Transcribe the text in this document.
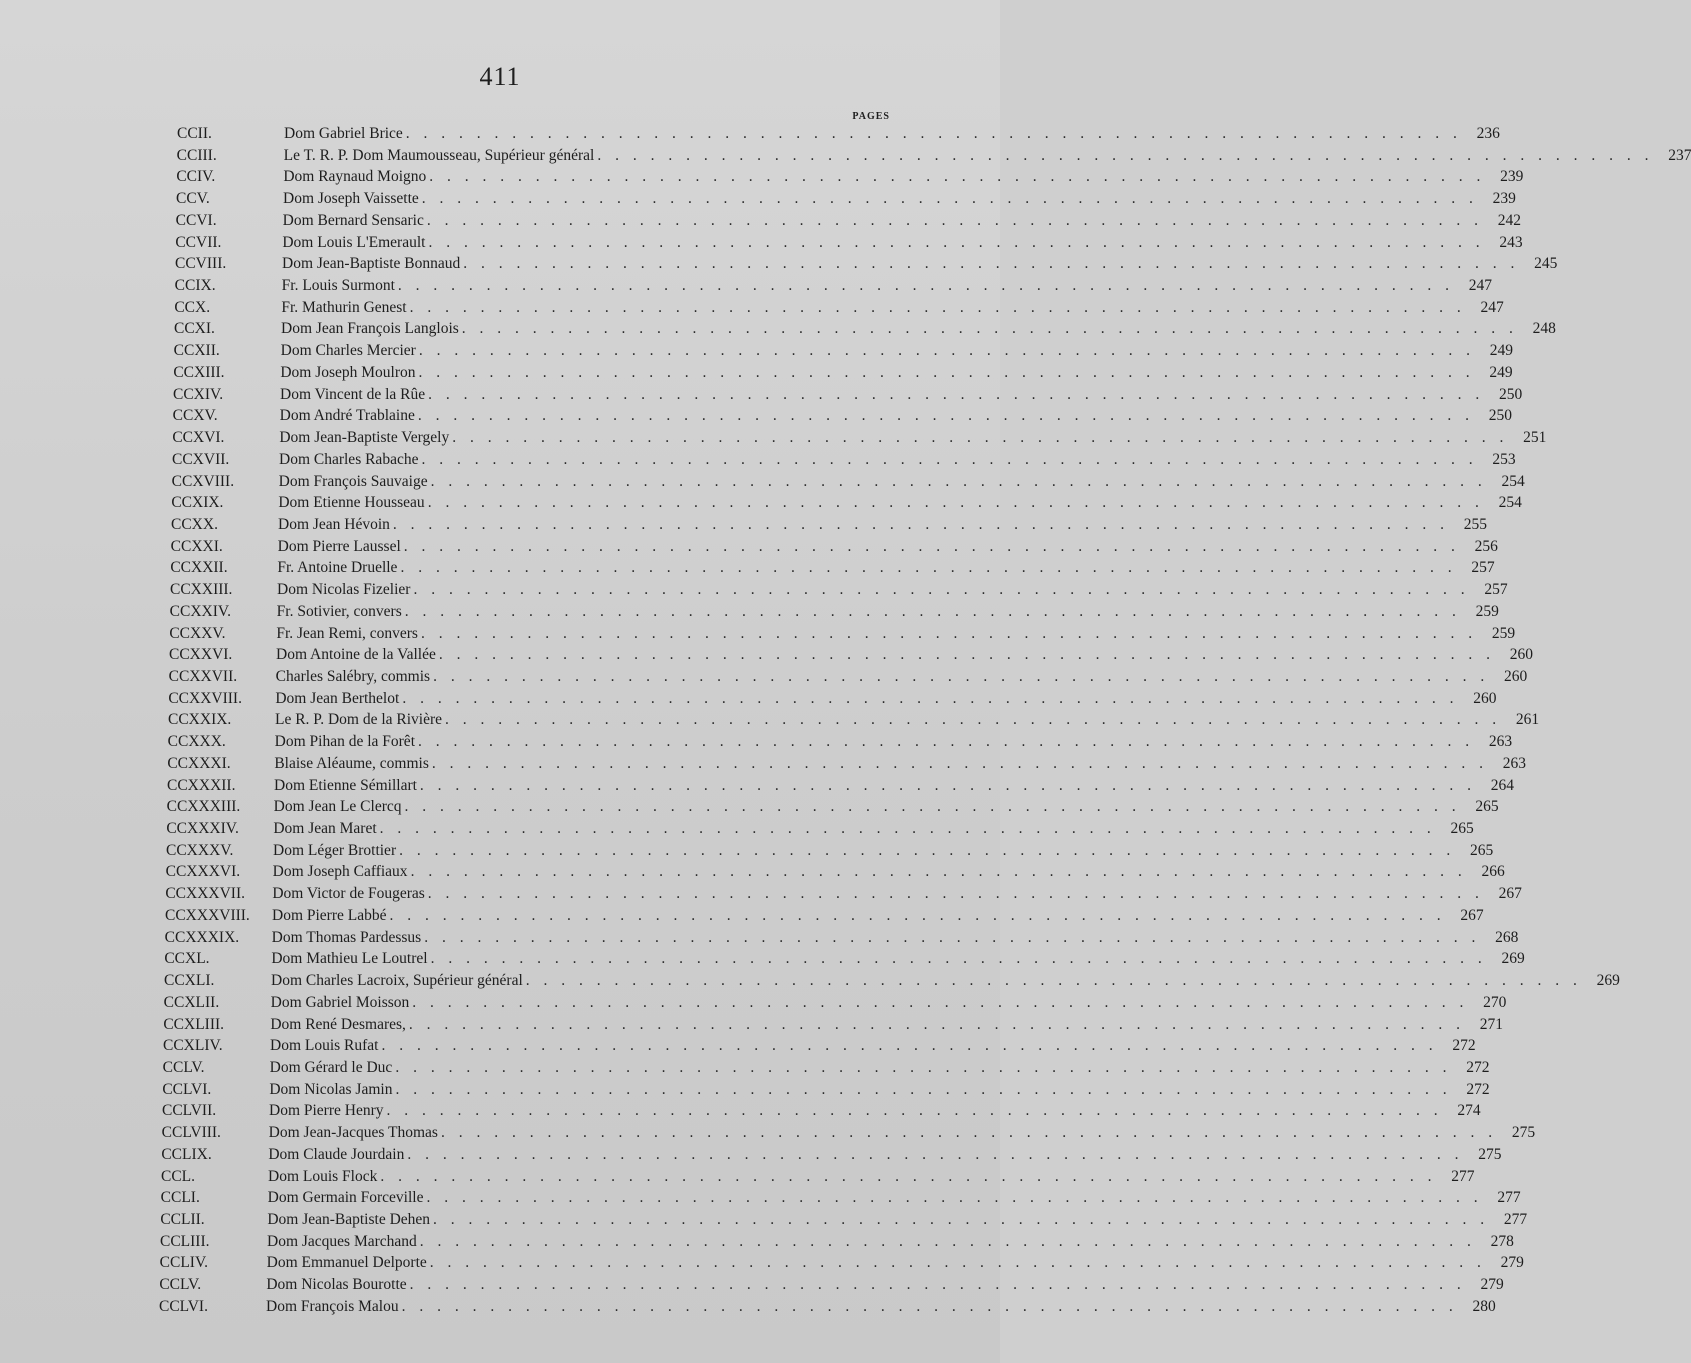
411
PAGES
CCII.	Dom Gabriel Brice . . . . . . . . . . . . . . . . . . . . . . . . . . . . . . . . . . . . . . . . . . . . . . . . . . . . . . . . . . . . 236
CCIII.	Le T. R. P. Dom Maumousseau, Supérieur général . . . . . . . . . . . . . . . . . . . . . . . . . . . . . . . . . . . . . . . . . . . . . . . . . . . . . . . . . . . . 237
CCIV.	Dom Raynaud Moigno . . . . . . . . . . . . . . . . . . . . . . . . . . . . . . . . . . . . . . . . . . . . . . . . . . . . . . . . . . . . 239
CCV.	Dom Joseph Vaissette . . . . . . . . . . . . . . . . . . . . . . . . . . . . . . . . . . . . . . . . . . . . . . . . . . . . . . . . . . . . 239
CCVI.	Dom Bernard Sensaric . . . . . . . . . . . . . . . . . . . . . . . . . . . . . . . . . . . . . . . . . . . . . . . . . . . . . . . . . . . . 242
CCVII.	Dom Louis L'Emerault . . . . . . . . . . . . . . . . . . . . . . . . . . . . . . . . . . . . . . . . . . . . . . . . . . . . . . . . . . . . 243
CCVIII.	Dom Jean-Baptiste Bonnaud . . . . . . . . . . . . . . . . . . . . . . . . . . . . . . . . . . . . . . . . . . . . . . . . . . . . . . . . . . . . 245
CCIX.	Fr. Louis Surmont . . . . . . . . . . . . . . . . . . . . . . . . . . . . . . . . . . . . . . . . . . . . . . . . . . . . . . . . . . . . 247
CCX.	Fr. Mathurin Genest . . . . . . . . . . . . . . . . . . . . . . . . . . . . . . . . . . . . . . . . . . . . . . . . . . . . . . . . . . . . 247
CCXI.	Dom Jean François Langlois . . . . . . . . . . . . . . . . . . . . . . . . . . . . . . . . . . . . . . . . . . . . . . . . . . . . . . . . . . . . 248
CCXII.	Dom Charles Mercier . . . . . . . . . . . . . . . . . . . . . . . . . . . . . . . . . . . . . . . . . . . . . . . . . . . . . . . . . . . . 249
CCXIII.	Dom Joseph Moulron . . . . . . . . . . . . . . . . . . . . . . . . . . . . . . . . . . . . . . . . . . . . . . . . . . . . . . . . . . . . 249
CCXIV.	Dom Vincent de la Rûe . . . . . . . . . . . . . . . . . . . . . . . . . . . . . . . . . . . . . . . . . . . . . . . . . . . . . . . . . . . . 250
CCXV.	Dom André Trablaine . . . . . . . . . . . . . . . . . . . . . . . . . . . . . . . . . . . . . . . . . . . . . . . . . . . . . . . . . . . . 250
CCXVI.	Dom Jean-Baptiste Vergely . . . . . . . . . . . . . . . . . . . . . . . . . . . . . . . . . . . . . . . . . . . . . . . . . . . . . . . . . . . . 251
CCXVII.	Dom Charles Rabache . . . . . . . . . . . . . . . . . . . . . . . . . . . . . . . . . . . . . . . . . . . . . . . . . . . . . . . . . . . . 253
CCXVIII.	Dom François Sauvaige . . . . . . . . . . . . . . . . . . . . . . . . . . . . . . . . . . . . . . . . . . . . . . . . . . . . . . . . . . . . 254
CCXIX.	Dom Etienne Housseau . . . . . . . . . . . . . . . . . . . . . . . . . . . . . . . . . . . . . . . . . . . . . . . . . . . . . . . . . . . . 254
CCXX.	Dom Jean Hévoin . . . . . . . . . . . . . . . . . . . . . . . . . . . . . . . . . . . . . . . . . . . . . . . . . . . . . . . . . . . . 255
CCXXI.	Dom Pierre Laussel . . . . . . . . . . . . . . . . . . . . . . . . . . . . . . . . . . . . . . . . . . . . . . . . . . . . . . . . . . . . 256
CCXXII.	Fr. Antoine Druelle . . . . . . . . . . . . . . . . . . . . . . . . . . . . . . . . . . . . . . . . . . . . . . . . . . . . . . . . . . . . 257
CCXXIII.	Dom Nicolas Fizelier . . . . . . . . . . . . . . . . . . . . . . . . . . . . . . . . . . . . . . . . . . . . . . . . . . . . . . . . . . . . 257
CCXXIV.	Fr. Sotivier, convers . . . . . . . . . . . . . . . . . . . . . . . . . . . . . . . . . . . . . . . . . . . . . . . . . . . . . . . . . . . . 259
CCXXV.	Fr. Jean Remi, convers . . . . . . . . . . . . . . . . . . . . . . . . . . . . . . . . . . . . . . . . . . . . . . . . . . . . . . . . . . . . 259
CCXXVI.	Dom Antoine de la Vallée . . . . . . . . . . . . . . . . . . . . . . . . . . . . . . . . . . . . . . . . . . . . . . . . . . . . . . . . . . . . 260
CCXXVII. Charles Salébry, commis . . . . . . . . . . . . . . . . . . . . . . . . . . . . . . . . . . . . . . . . . . . . . . . . . . . . . . . . . . . . 260
CCXXVIII. Dom Jean Berthelot . . . . . . . . . . . . . . . . . . . . . . . . . . . . . . . . . . . . . . . . . . . . . . . . . . . . . . . . . . . . 260
CCXXIX.	Le R. P. Dom de la Rivière . . . . . . . . . . . . . . . . . . . . . . . . . . . . . . . . . . . . . . . . . . . . . . . . . . . . . . . . . . . . 261
CCXXX.	Dom Pihan de la Forêt . . . . . . . . . . . . . . . . . . . . . . . . . . . . . . . . . . . . . . . . . . . . . . . . . . . . . . . . . . . . 263
CCXXXI.	Blaise Aléaume, commis . . . . . . . . . . . . . . . . . . . . . . . . . . . . . . . . . . . . . . . . . . . . . . . . . . . . . . . . . . . . 263
CCXXXII. Dom Etienne Sémillart . . . . . . . . . . . . . . . . . . . . . . . . . . . . . . . . . . . . . . . . . . . . . . . . . . . . . . . . . . . . 264
CCXXXIII. Dom Jean Le Clercq . . . . . . . . . . . . . . . . . . . . . . . . . . . . . . . . . . . . . . . . . . . . . . . . . . . . . . . . . . . . 265
CCXXXIV. Dom Jean Maret . . . . . . . . . . . . . . . . . . . . . . . . . . . . . . . . . . . . . . . . . . . . . . . . . . . . . . . . . . . . 265
CCXXXV.	Dom Léger Brottier . . . . . . . . . . . . . . . . . . . . . . . . . . . . . . . . . . . . . . . . . . . . . . . . . . . . . . . . . . . . 265
CCXXXVI. Dom Joseph Caffiaux . . . . . . . . . . . . . . . . . . . . . . . . . . . . . . . . . . . . . . . . . . . . . . . . . . . . . . . . . . . . 266
CCXXXVII. Dom Victor de Fougeras . . . . . . . . . . . . . . . . . . . . . . . . . . . . . . . . . . . . . . . . . . . . . . . . . . . . . . . . . . . . 267
CCXXXVIII. Dom Pierre Labbé . . . . . . . . . . . . . . . . . . . . . . . . . . . . . . . . . . . . . . . . . . . . . . . . . . . . . . . . . . . . 267
CCXXXIX. Dom Thomas Pardessus . . . . . . . . . . . . . . . . . . . . . . . . . . . . . . . . . . . . . . . . . . . . . . . . . . . . . . . . . . . . 268
CCXL.	Dom Mathieu Le Loutrel . . . . . . . . . . . . . . . . . . . . . . . . . . . . . . . . . . . . . . . . . . . . . . . . . . . . . . . . . . . . 269
CCXLI.	Dom Charles Lacroix, Supérieur général . . . . . . . . . . . . . . . . . . . . . . . . . . . . . . . . . . . . . . . . . . . . . . . . . . . . . . . . . . . . 269
CCXLII.	Dom Gabriel Moisson . . . . . . . . . . . . . . . . . . . . . . . . . . . . . . . . . . . . . . . . . . . . . . . . . . . . . . . . . . . . 270
CCXLIII.	Dom René Desmares, . . . . . . . . . . . . . . . . . . . . . . . . . . . . . . . . . . . . . . . . . . . . . . . . . . . . . . . . . . . . 271
CCXLIV.	Dom Louis Rufat . . . . . . . . . . . . . . . . . . . . . . . . . . . . . . . . . . . . . . . . . . . . . . . . . . . . . . . . . . . . 272
CCLV.	Dom Gérard le Duc . . . . . . . . . . . . . . . . . . . . . . . . . . . . . . . . . . . . . . . . . . . . . . . . . . . . . . . . . . . . 272
CCLVI.	Dom Nicolas Jamin . . . . . . . . . . . . . . . . . . . . . . . . . . . . . . . . . . . . . . . . . . . . . . . . . . . . . . . . . . . . 272
CCLVII.	Dom Pierre Henry . . . . . . . . . . . . . . . . . . . . . . . . . . . . . . . . . . . . . . . . . . . . . . . . . . . . . . . . . . . . 274
CCLVIII.	Dom Jean-Jacques Thomas . . . . . . . . . . . . . . . . . . . . . . . . . . . . . . . . . . . . . . . . . . . . . . . . . . . . . . . . . . . . 275
CCLIX.	Dom Claude Jourdain . . . . . . . . . . . . . . . . . . . . . . . . . . . . . . . . . . . . . . . . . . . . . . . . . . . . . . . . . . . . 275
CCL.	Dom Louis Flock . . . . . . . . . . . . . . . . . . . . . . . . . . . . . . . . . . . . . . . . . . . . . . . . . . . . . . . . . . . . 277
CCLI.	Dom Germain Forceville . . . . . . . . . . . . . . . . . . . . . . . . . . . . . . . . . . . . . . . . . . . . . . . . . . . . . . . . . . . . 277
CCLII.	Dom Jean-Baptiste Dehen . . . . . . . . . . . . . . . . . . . . . . . . . . . . . . . . . . . . . . . . . . . . . . . . . . . . . . . . . . . . 277
CCLIII.	Dom Jacques Marchand . . . . . . . . . . . . . . . . . . . . . . . . . . . . . . . . . . . . . . . . . . . . . . . . . . . . . . . . . . . . 278
CCLIV.	Dom Emmanuel Delporte . . . . . . . . . . . . . . . . . . . . . . . . . . . . . . . . . . . . . . . . . . . . . . . . . . . . . . . . . . . . 279
CCLV.	Dom Nicolas Bourotte . . . . . . . . . . . . . . . . . . . . . . . . . . . . . . . . . . . . . . . . . . . . . . . . . . . . . . . . . . . . 279
CCLVI.	Dom François Malou . . . . . . . . . . . . . . . . . . . . . . . . . . . . . . . . . . . . . . . . . . . . . . . . . . . . . . . . . . . . 280
